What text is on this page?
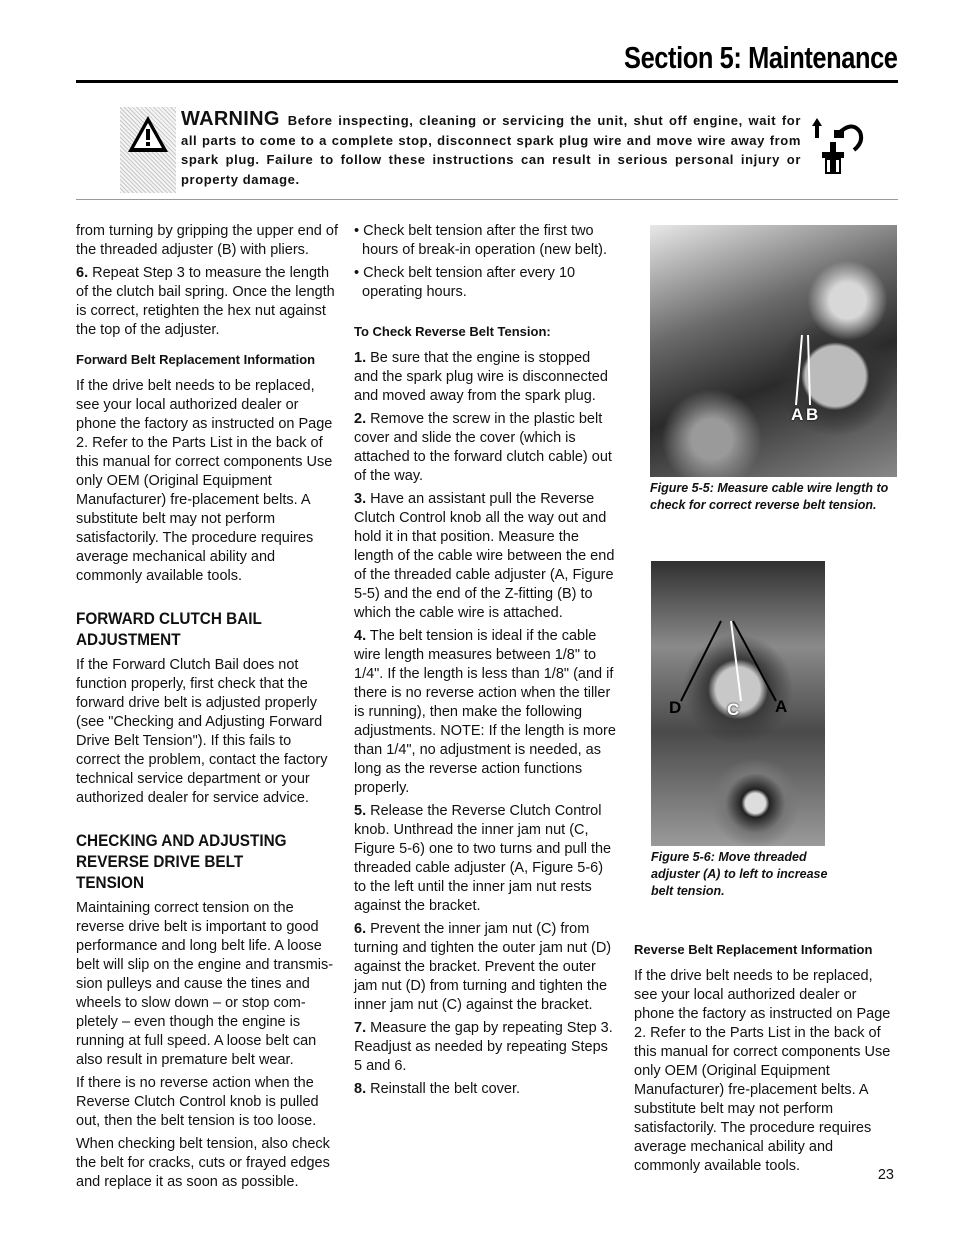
Section 5: Maintenance
WARNING Before inspecting, cleaning or servicing the unit, shut off engine, wait for all parts to come to a complete stop, disconnect spark plug wire and move wire away from spark plug. Failure to follow these instructions can result in serious personal injury or property damage.

from turning by gripping the upper end of the threaded adjuster (B) with pliers.

6. Repeat Step 3 to measure the length of the clutch bail spring. Once the length is correct, retighten the hex nut against the top of the adjuster.

Forward Belt Replacement Information

If the drive belt needs to be replaced, see your local authorized dealer or phone the factory as instructed on Page 2. Refer to the Parts List in the back of this manual for correct components Use only OEM (Original Equipment Manufacturer) fre-placement belts. A substitute belt may not perform satisfactorily. The procedure requires average mechanical ability and commonly available tools.

FORWARD CLUTCH BAIL ADJUSTMENT

If the Forward Clutch Bail does not function properly, first check that the forward drive belt is adjusted properly (see "Checking and Adjusting Forward Drive Belt Tension"). If this fails to correct the problem, contact the factory technical service department or your authorized dealer for service advice.

CHECKING AND ADJUSTING REVERSE DRIVE BELT TENSION

Maintaining correct tension on the reverse drive belt is important to good performance and long belt life. A loose belt will slip on the engine and transmis-sion pulleys and cause the tines and wheels to slow down – or stop com-pletely – even though the engine is running at full speed. A loose belt can also result in premature belt wear.

If there is no reverse action when the Reverse Clutch Control knob is pulled out, then the belt tension is too loose.

When checking belt tension, also check the belt for cracks, cuts or frayed edges and replace it as soon as possible.

• Check belt tension after the first two hours of break-in operation (new belt).

• Check belt tension after every 10 operating hours.

To Check Reverse Belt Tension:

1. Be sure that the engine is stopped and the spark plug wire is disconnected and moved away from the spark plug.

2. Remove the screw in the plastic belt cover and slide the cover (which is attached to the forward clutch cable) out of the way.

3. Have an assistant pull the Reverse Clutch Control knob all the way out and hold it in that position. Measure the length of the cable wire between the end of the threaded cable adjuster (A, Figure 5-5) and the end of the Z-fitting (B) to which the cable wire is attached.

4. The belt tension is ideal if the cable wire length measures between 1/8" to 1/4". If the length is less than 1/8" (and if there is no reverse action when the tiller is running), then make the following adjustments. NOTE: If the length is more than 1/4", no adjustment is needed, as long as the reverse action functions properly.

5. Release the Reverse Clutch Control knob. Unthread the inner jam nut (C, Figure 5-6) one to two turns and pull the threaded cable adjuster (A, Figure 5-6) to the left until the inner jam nut rests against the bracket.

6. Prevent the inner jam nut (C) from turning and tighten the outer jam nut (D) against the bracket. Prevent the outer jam nut (D) from turning and tighten the inner jam nut (C) against the bracket.

7. Measure the gap by repeating Step 3. Readjust as needed by repeating Steps 5 and 6.

8. Reinstall the belt cover.

A B
Figure 5-5: Measure cable wire length to check for correct reverse belt tension.
D	C A
Figure 5-6: Move threaded adjuster (A) to left to increase belt tension.

Reverse Belt Replacement Information

If the drive belt needs to be replaced, see your local authorized dealer or phone the factory as instructed on Page 2. Refer to the Parts List in the back of this manual for correct components Use only OEM (Original Equipment Manufacturer) fre-placement belts. A substitute belt may not perform satisfactorily. The procedure requires average mechanical ability and commonly available tools.

23
